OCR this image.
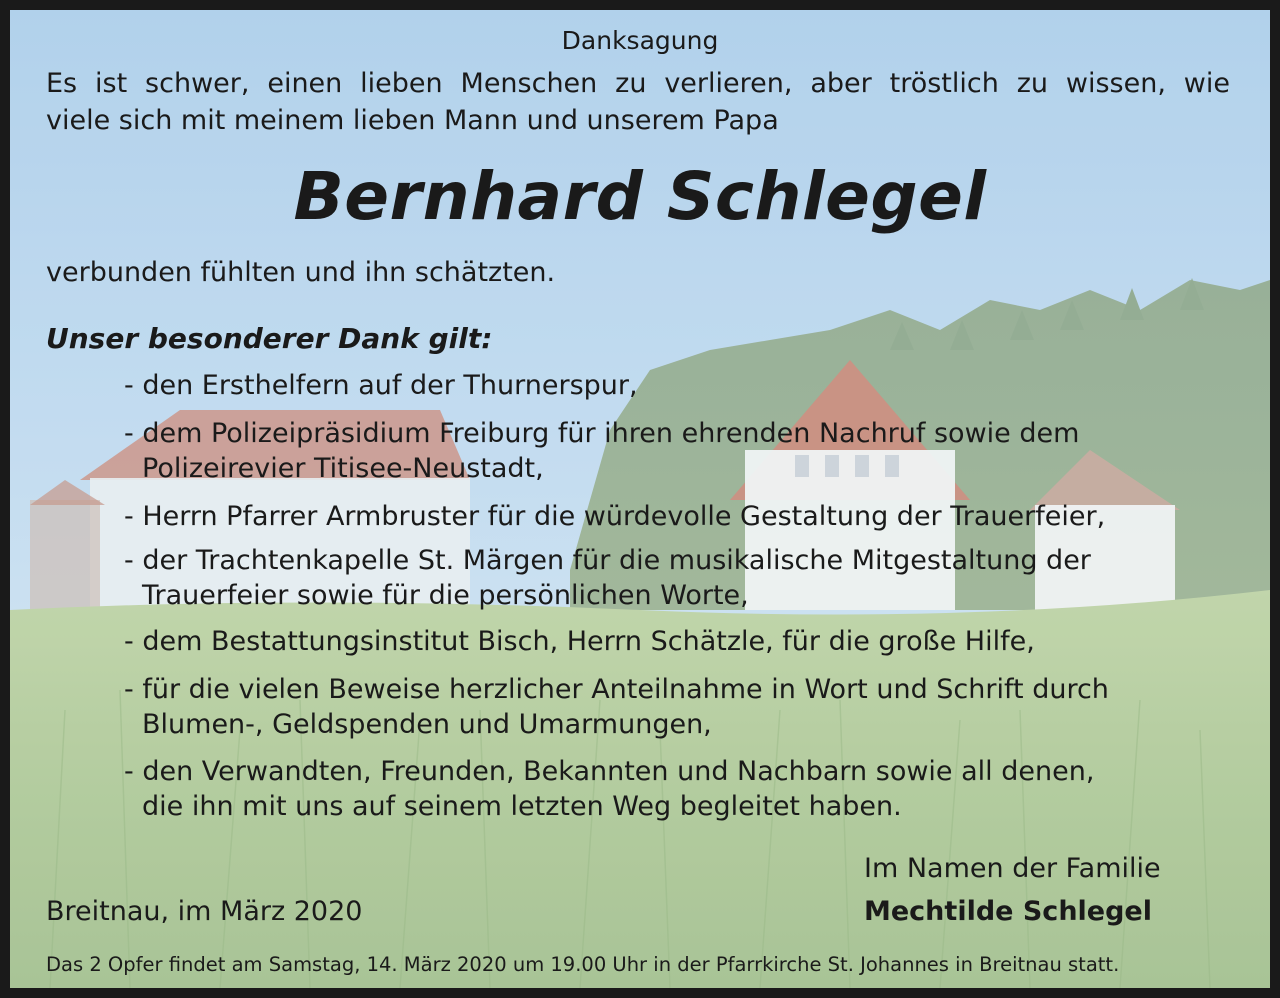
Danksagung
Es ist schwer, einen lieben Menschen zu verlieren, aber tröstlich zu wissen, wie
viele sich mit meinem lieben Mann und unserem Papa
Bernhard Schlegel
verbunden fühlten und ihn schätzten.
Unser besonderer Dank gilt:
- den Ersthelfern auf der Thurnerspur,
- dem Polizeipräsidium Freiburg für ihren ehrenden Nachruf sowie dem
Polizeirevier Titisee-Neustadt,
- Herrn Pfarrer Armbruster für die würdevolle Gestaltung der Trauerfeier,
- der Trachtenkapelle St. Märgen für die musikalische Mitgestaltung der
Trauerfeier sowie für die persönlichen Worte,
- dem Bestattungsinstitut Bisch, Herrn Schätzle, für die große Hilfe,
- für die vielen Beweise herzlicher Anteilnahme in Wort und Schrift durch
Blumen-, Geldspenden und Umarmungen,
- den Verwandten, Freunden, Bekannten und Nachbarn sowie all denen,
die ihn mit uns auf seinem letzten Weg begleitet haben.
Im Namen der Familie
Breitnau, im März 2020	Mechtilde Schlegel
Das 2 Opfer findet am Samstag, 14. März 2020 um 19.00 Uhr in der Pfarrkirche St. Johannes in Breitnau statt.
